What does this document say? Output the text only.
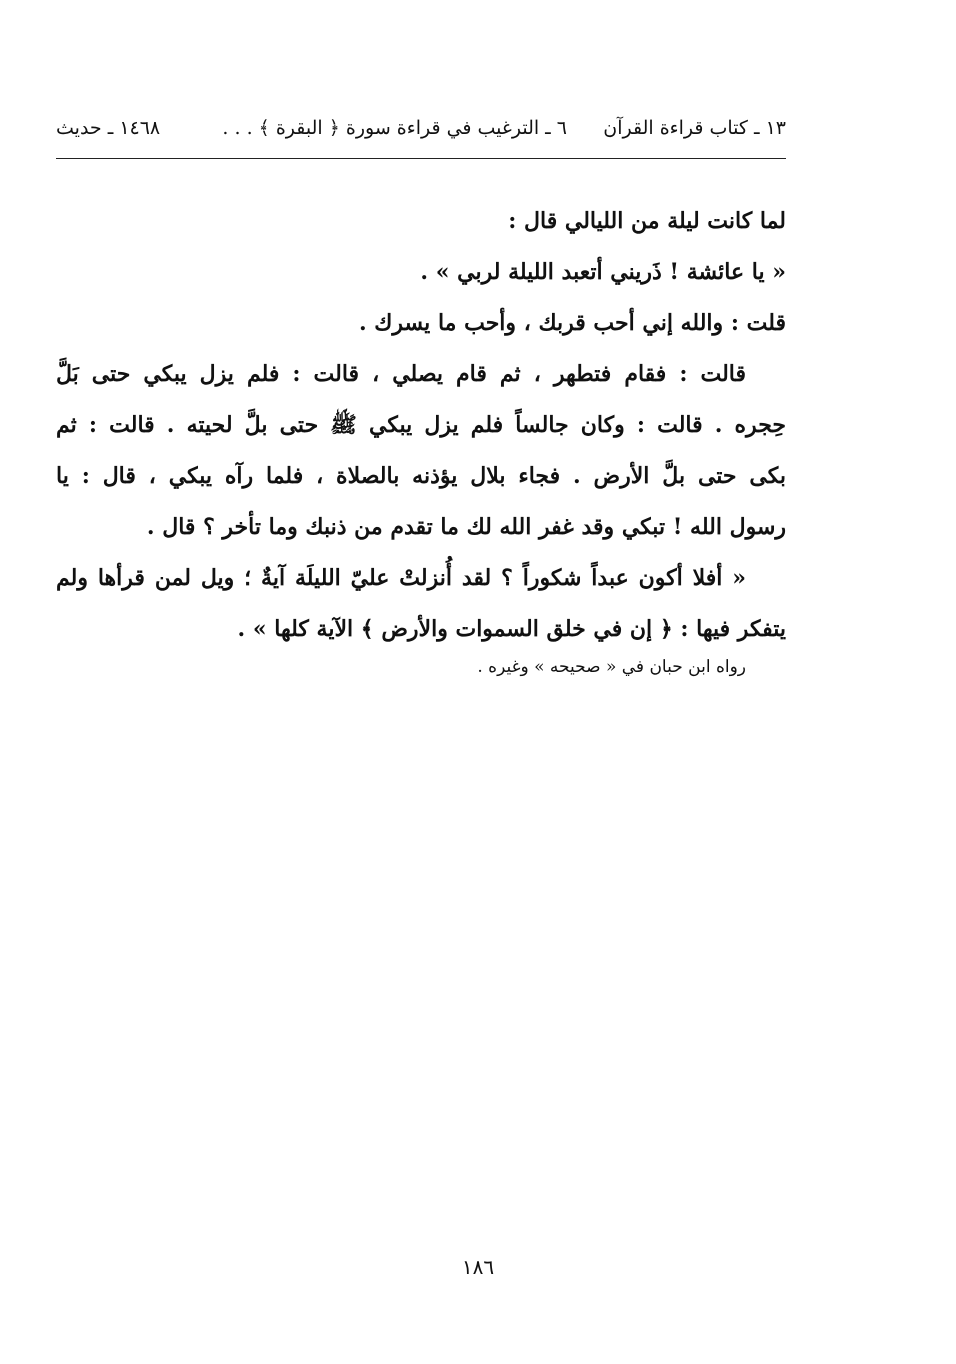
١٣ ـ كتاب قراءة القرآن      ٦ ـ الترغيب في قراءة سورة ﴿ البقرة ﴾ . . .
١٤٦٨ ـ حديث
لما كانت ليلة من الليالي قال :
« يا عائشة ! ذَريني أتعبد الليلة لربي » .
قلت : والله إني أحب قربك ، وأحب ما يسرك .
قالت : فقام فتطهر ، ثم قام يصلي ، قالت : فلم يزل يبكي حتى بَلَّ
حِجره . قالت : وكان جالساً فلم يزل يبكي ﷺ حتى بلَّ لحيته . قالت : ثم
بكى حتى بلَّ الأرض . فجاء بلال يؤذنه بالصلاة ، فلما رآه يبكي ، قال : يا
رسول الله ! تبكي وقد غفر الله لك ما تقدم من ذنبك وما تأخر ؟ قال .
« أفلا أكون عبداً شكوراً ؟ لقد أُنزلتْ عليّ الليلَة آيةٌ ؛ ويل لمن قرأها ولم
يتفكر فيها : ﴿ إن في خلق السموات والأرض ﴾ الآية كلها » .
رواه ابن حبان في « صحيحه » وغيره .
١٨٦
